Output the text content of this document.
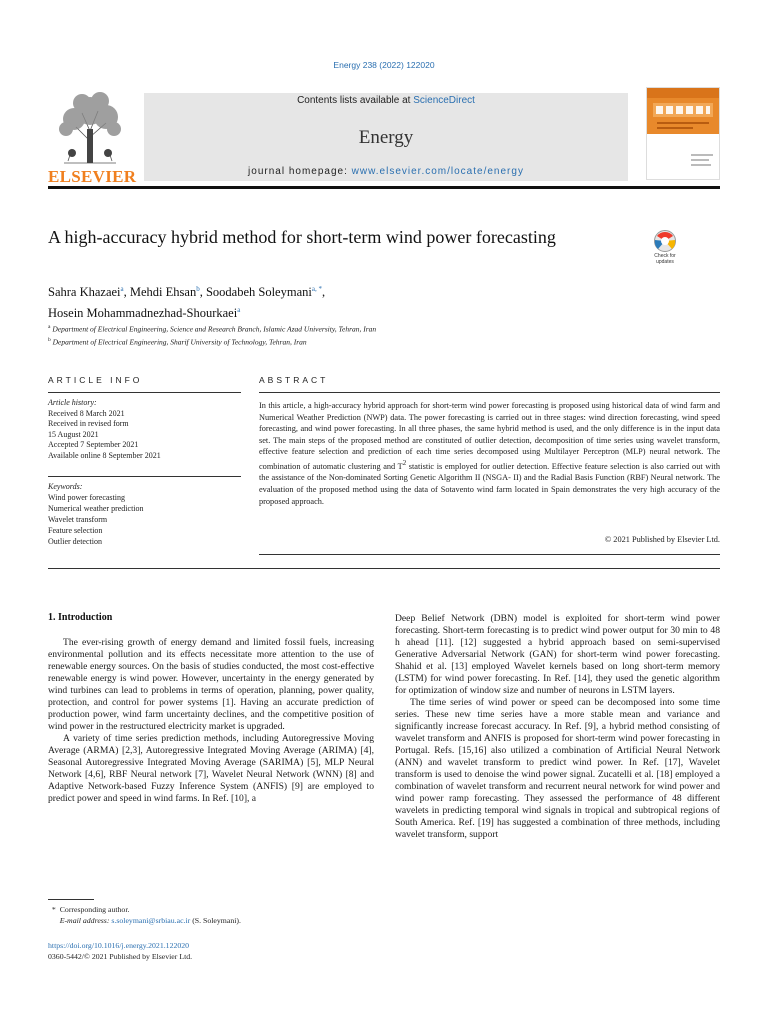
Energy 238 (2022) 122020
ELSEVIER
Contents lists available at ScienceDirect
Energy
journal homepage: www.elsevier.com/locate/energy
A high-accuracy hybrid method for short-term wind power forecasting
Check for updates
Sahra Khazaei$^a$, Mehdi Ehsan$^b$, Soodabeh Soleymani$^{a, *}$,
Hosein Mohammadnezhad-Shourkaei$^a$
$^a$ Department of Electrical Engineering, Science and Research Branch, Islamic Azad University, Tehran, Iran
$^b$ Department of Electrical Engineering, Sharif University of Technology, Tehran, Iran
ARTICLE INFO	ABSTRACT
Article history:
Received 8 March 2021
Received in revised form
15 August 2021
Accepted 7 September 2021
Available online 8 September 2021
Keywords:
Wind power forecasting
Numerical weather prediction
Wavelet transform
Feature selection
Outlier detection
In this article, a high-accuracy hybrid approach for short-term wind power forecasting is proposed using historical data of wind farm and Numerical Weather Prediction (NWP) data. The power forecasting is carried out in three stages: wind direction forecasting, wind speed forecasting, and wind power forecasting. In all three phases, the same hybrid method is used, and the only difference is in the input data set. The main steps of the proposed method are constituted of outlier detection, decomposition of time series using wavelet transform, effective feature selection and prediction of each time series decomposed using Multilayer Perceptron (MLP) neural network. The combination of automatic clustering and $T^2$ statistic is employed for outlier detection. Effective feature selection is also carried out with the assistance of the Non-dominated Sorting Genetic Algorithm II (NSGA- II) and the Radial Basis Function (RBF) Neural network. The evaluation of the proposed method using the data of Sotavento wind farm located in Spain demonstrates the very high accuracy of the proposed approach.
© 2021 Published by Elsevier Ltd.
1. Introduction

The ever-rising growth of energy demand and limited fossil fuels, increasing environmental pollution and its effects necessitate more attention to the use of renewable energy sources. On the basis of studies conducted, the most cost-effective renewable energy is wind power. However, uncertainty in the energy generated by wind turbines can lead to problems in terms of operation, planning, power quality, protection, and control for power systems [1]. Having an accurate prediction of production power, wind farm uncertainty declines, and the competitive position of wind power in the restructured electricity market is upgraded.

A variety of time series prediction methods, including Autoregressive Moving Average (ARMA) [2,3], Autoregressive Integrated Moving Average (ARIMA) [4], Seasonal Autoregressive Integrated Moving Average (SARIMA) [5], MLP Neural Network [4,6], RBF Neural network [7], Wavelet Neural Network (WNN) [8] and Adaptive Network-based Fuzzy Inference System (ANFIS) [9] are employed to predict power and speed in wind farms. In Ref. [10], a

Deep Belief Network (DBN) model is exploited for short-term wind power forecasting. Short-term forecasting is to predict wind power output for 30 min to 48 h ahead [11]. [12] suggested a hybrid approach based on semi-supervised Generative Adversarial Network (GAN) for short-term wind power forecasting. Shahid et al. [13] employed Wavelet kernels based on long short-term memory (LSTM) for wind power forecasting. In Ref. [14], they used the genetic algorithm for optimization of window size and number of neurons in LSTM layers.

The time series of wind power or speed can be decomposed into some time series. These new time series have a more stable mean and variance and significantly increase forecast accuracy. In Ref. [9], a hybrid method consisting of wavelet transform and ANFIS is proposed for short-term wind power forecasting in Portugal. Refs. [15,16] also utilized a combination of Artificial Neural Network (ANN) and wavelet transform to predict wind power. In Ref. [17], Wavelet transform is used to denoise the wind power signal. Zucatelli et al. [18] employed a combination of wavelet transform and recurrent neural network for wind power and wind power ramp forecasting. They assessed the performance of 48 different wavelets in predicting temporal wind signals in tropical and subtropical regions of South America. Ref. [19] has suggested a combination of three methods, including wavelet transform, support

* Corresponding author.
E-mail address: s.soleymani@srbiau.ac.ir (S. Soleymani).
https://doi.org/10.1016/j.energy.2021.122020
0360-5442/© 2021 Published by Elsevier Ltd.
